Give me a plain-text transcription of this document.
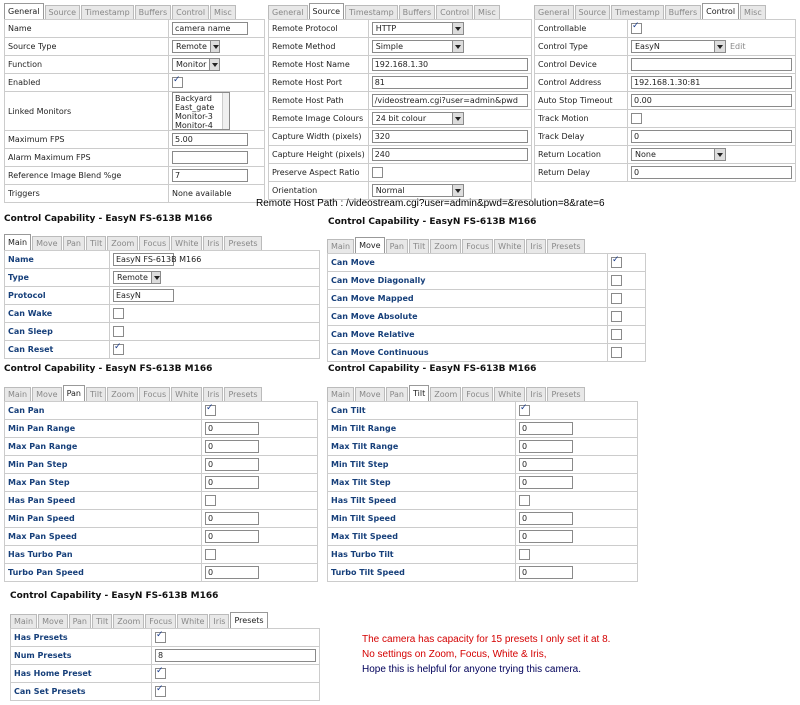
General	Source	Timestamp	Buffers	Control	Misc
Name	camera name
Source Type	Remote

Function	Monitor

Enabled	✓
Linked Monitors	Backyard
East_gate
Monitor-3
Monitor-4

Maximum FPS	5.00
Alarm Maximum FPS	
Reference Image Blend %ge	7
Triggers	None available
General	Source	Timestamp	Buffers	Control	Misc
Remote Protocol	HTTP

Remote Method	Simple

Remote Host Name	192.168.1.30
Remote Host Port	81
Remote Host Path	/videostream.cgi?user=admin&pwd
Remote Image Colours	24 bit colour

Capture Width (pixels)	320
Capture Height (pixels)	240
Preserve Aspect Ratio	
Orientation	Normal
General	Source	Timestamp	Buffers	Control	Misc
Controllable	✓
Control Type	EasyN Edit
Control Device	
Control Address	192.168.1.30:81
Auto Stop Timeout	0.00
Track Motion	
Track Delay	0
Return Location	None

Return Delay	0
Remote Host Path : /videostream.cgi?user=admin&pwd=&resolution=8&rate=6
Control Capability - EasyN FS-613B M166
Main	Move	Pan	Tilt	Zoom	Focus	White	Iris	Presets
Name	EasyN FS-613B M166
Type	Remote

Protocol	EasyN
Can Wake	
Can Sleep	
Can Reset	✓
Control Capability - EasyN FS-613B M166
Main	Move	Pan	Tilt	Zoom	Focus	White	Iris	Presets
Can Move	✓
Can Move Diagonally	
Can Move Mapped	
Can Move Absolute	
Can Move Relative	
Can Move Continuous	
Control Capability - EasyN FS-613B M166
Main	Move	Pan	Tilt	Zoom	Focus	White	Iris	Presets
Can Pan	✓
Min Pan Range	0
Max Pan Range	0
Min Pan Step	0
Max Pan Step	0
Has Pan Speed	
Min Pan Speed	0
Max Pan Speed	0
Has Turbo Pan	
Turbo Pan Speed	0
Control Capability - EasyN FS-613B M166
Main	Move	Pan	Tilt	Zoom	Focus	White	Iris	Presets
Can Tilt	✓
Min Tilt Range	0
Max Tilt Range	0
Min Tilt Step	0
Max Tilt Step	0
Has Tilt Speed	
Min Tilt Speed	0
Max Tilt Speed	0
Has Turbo Tilt	
Turbo Tilt Speed	0
Control Capability - EasyN FS-613B M166
Main	Move	Pan	Tilt	Zoom	Focus	White	Iris	Presets
Has Presets	✓
Num Presets	8
Has Home Preset	✓
Can Set Presets	✓
The camera has capacity for 15 presets I only set it at 8.
No settings on Zoom, Focus, White & Iris,
Hope this is helpful for anyone trying this camera.
